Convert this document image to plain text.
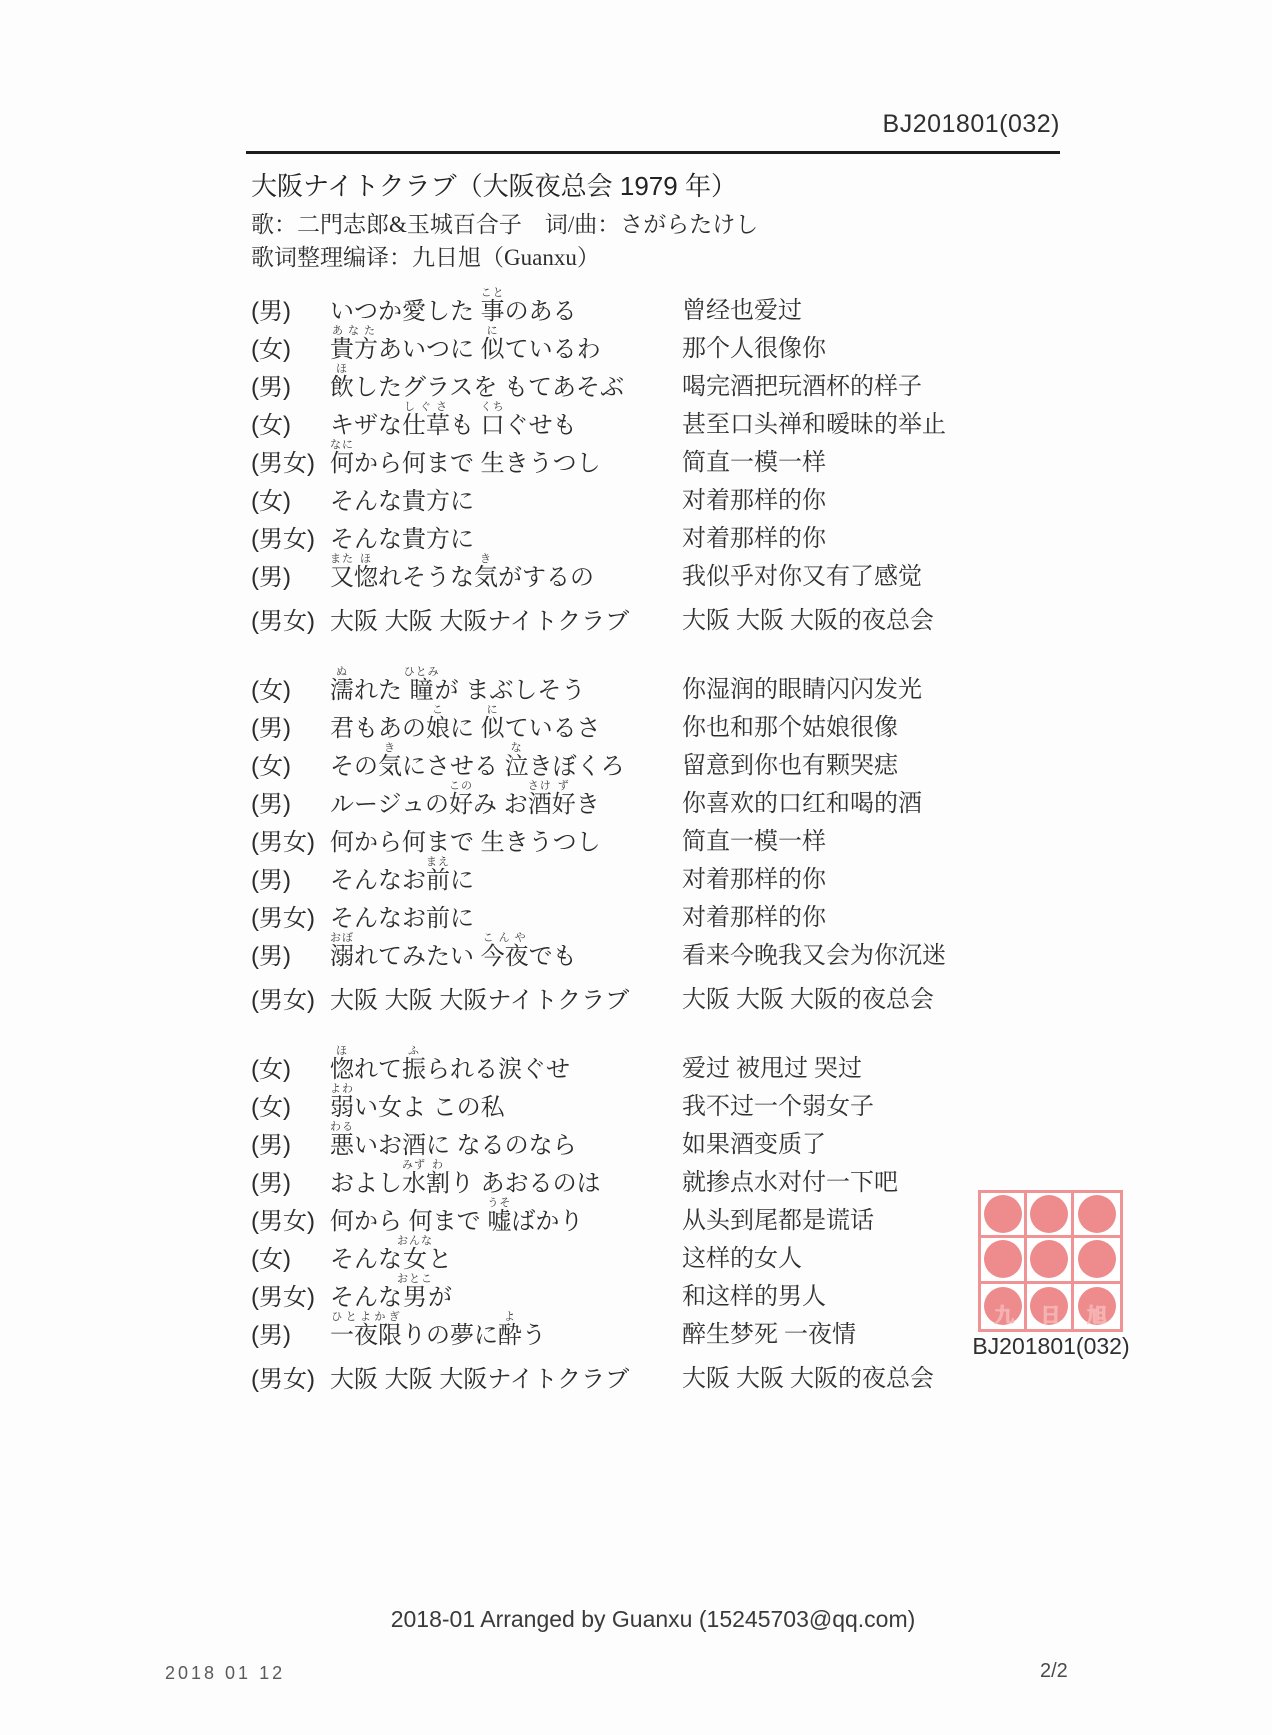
BJ201801(032)
大阪ナイトクラブ（大阪夜总会 1979 年）
歌：二門志郎&玉城百合子　词/曲：さがらたけし
歌词整理编译：九日旭（Guanxu）
(男)	いつか愛した 事ことのある	曾经也爱过
(女)	貴方あなたあいつに 似にているわ	那个人很像你
(男)	飲ほしたグラスを もてあそぶ	喝完酒把玩酒杯的样子
(女)	キザな仕草しぐさも 口くちぐせも	甚至口头禅和暧昧的举止
(男女) 何なにから何まで 生きうつし	简直一模一样
(女)	そんな貴方に	对着那样的你
(男女) そんな貴方に	对着那样的你
(男)	又また惚ほれそうな気きがするの	我似乎对你又有了感觉
(男女) 大阪 大阪 大阪ナイトクラブ	大阪 大阪 大阪的夜总会
(女)	濡ぬれた 瞳ひとみが まぶしそう	你湿润的眼睛闪闪发光
(男)	君もあの娘こに 似にているさ	你也和那个姑娘很像
(女)	その気きにさせる 泣なきぼくろ	留意到你也有颗哭痣
(男)	ルージュの好このみ お酒さけ好ずき	你喜欢的口红和喝的酒
(男女) 何から何まで 生きうつし	简直一模一样
(男)	そんなお前まえに	对着那样的你
(男女) そんなお前に	对着那样的你
(男)	溺おぼれてみたい 今夜こんやでも	看来今晚我又会为你沉迷
(男女) 大阪 大阪 大阪ナイトクラブ	大阪 大阪 大阪的夜总会
(女)	惚ほれて振ふられる涙ぐせ	爱过 被甩过 哭过
(女)	弱よわい女よ この私	我不过一个弱女子
(男)	悪わるいお酒に なるのなら	如果酒变质了
(男)	およし水みず割わり あおるのは	就掺点水对付一下吧
(男女) 何から 何まで 嘘うそばかり	从头到尾都是谎话
(女)	そんな女おんなと	这样的女人
(男女) そんな男おとこが	和这样的男人
(男)	一夜限ひとよかぎりの夢に酔よう	醉生梦死 一夜情
(男女) 大阪 大阪 大阪ナイトクラブ	大阪 大阪 大阪的夜总会
九 日 旭
BJ201801(032)
2018-01 Arranged by Guanxu (15245703@qq.com)
2018 01 12	2/2
